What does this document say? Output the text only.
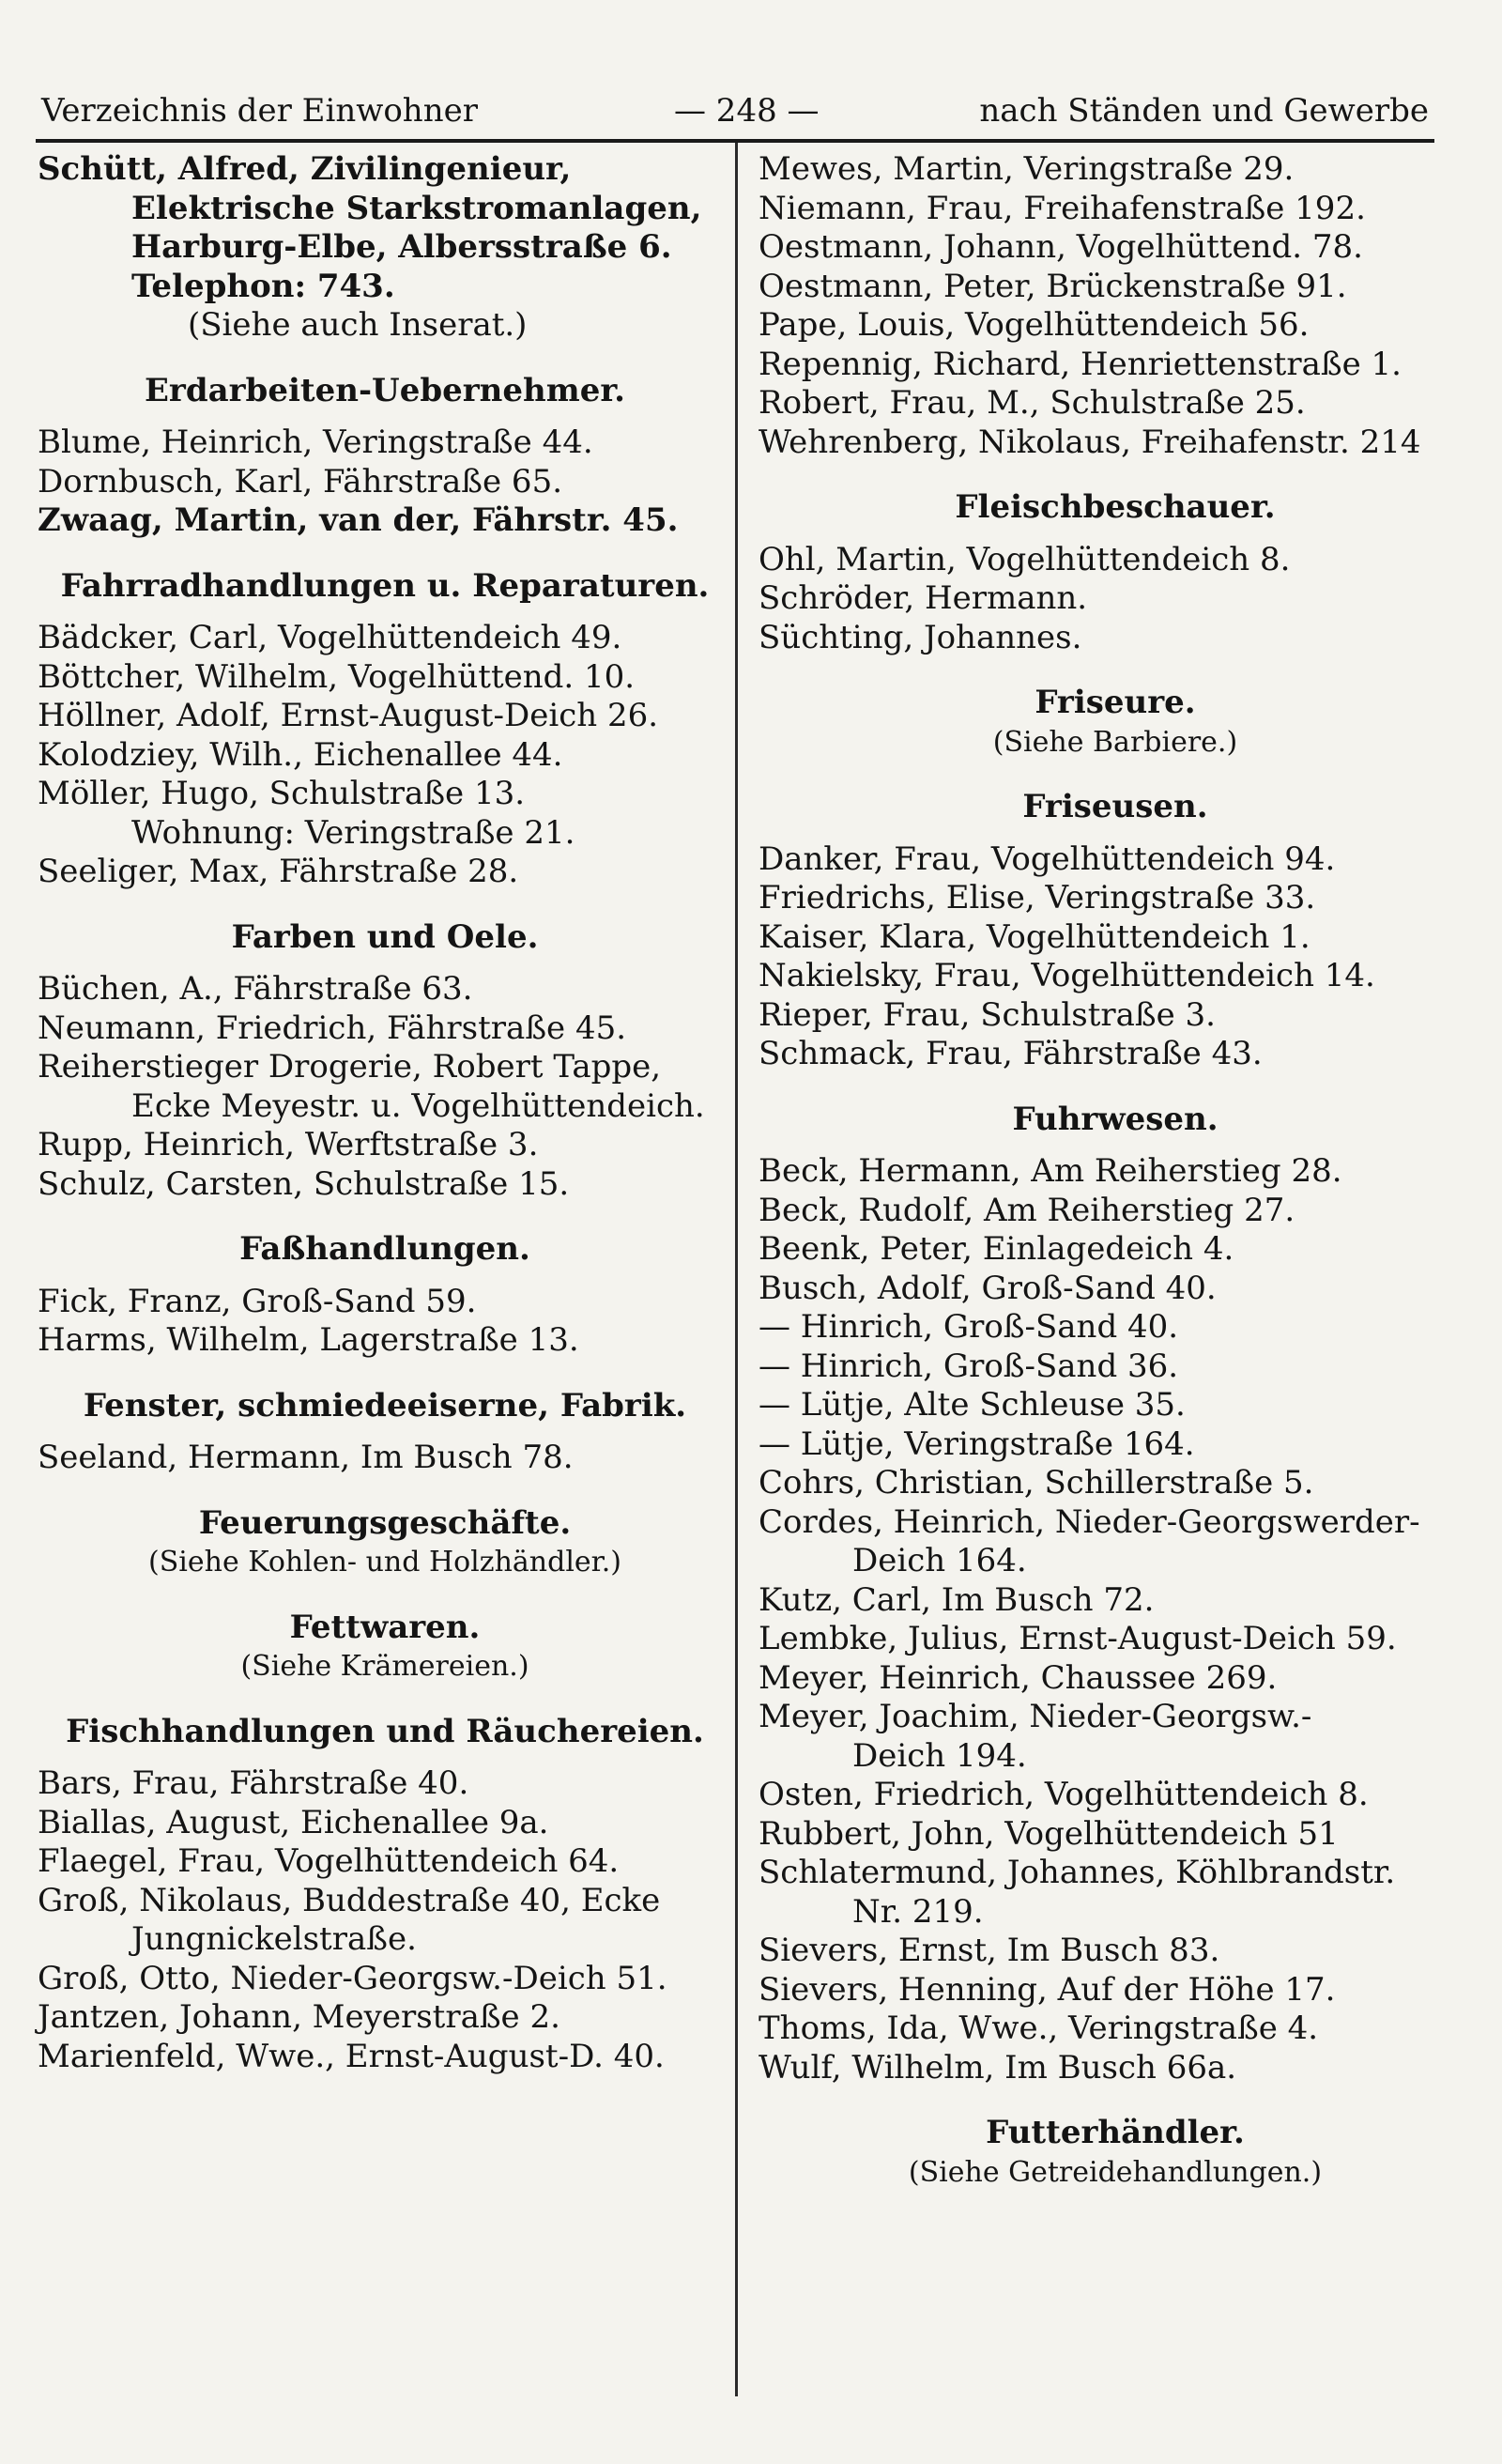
Verzeichnis der Einwohner	— 248 —	nach Ständen und Gewerbe
Schütt, Alfred, Zivilingenieur,
Elektrische Starkstromanlagen,
Harburg-Elbe, Albersstraße 6.
Telephon: 743.
(Siehe auch Inserat.)
Erdarbeiten-Uebernehmer.
Blume, Heinrich, Veringstraße 44.
Dornbusch, Karl, Fährstraße 65.
Zwaag, Martin, van der, Fährstr. 45.
Fahrradhandlungen u. Reparaturen.
Bädcker, Carl, Vogelhüttendeich 49.
Böttcher, Wilhelm, Vogelhüttend. 10.
Höllner, Adolf, Ernst-August-Deich 26.
Kolodziey, Wilh., Eichenallee 44.
Möller, Hugo, Schulstraße 13.
Wohnung: Veringstraße 21.
Seeliger, Max, Fährstraße 28.
Farben und Oele.
Büchen, A., Fährstraße 63.
Neumann, Friedrich, Fährstraße 45.
Reiherstieger Drogerie, Robert Tappe,
Ecke Meyestr. u. Vogelhüttendeich.
Rupp, Heinrich, Werftstraße 3.
Schulz, Carsten, Schulstraße 15.
Faßhandlungen.
Fick, Franz, Groß-Sand 59.
Harms, Wilhelm, Lagerstraße 13.
Fenster, schmiedeeiserne, Fabrik.
Seeland, Hermann, Im Busch 78.
Feuerungsgeschäfte.
(Siehe Kohlen- und Holzhändler.)
Fettwaren.
(Siehe Krämereien.)
Fischhandlungen und Räuchereien.
Bars, Frau, Fährstraße 40.
Biallas, August, Eichenallee 9a.
Flaegel, Frau, Vogelhüttendeich 64.
Groß, Nikolaus, Buddestraße 40, Ecke
Jungnickelstraße.
Groß, Otto, Nieder-Georgsw.-Deich 51.
Jantzen, Johann, Meyerstraße 2.
Marienfeld, Wwe., Ernst-August-D. 40.
Mewes, Martin, Veringstraße 29.
Niemann, Frau, Freihafenstraße 192.
Oestmann, Johann, Vogelhüttend. 78.
Oestmann, Peter, Brückenstraße 91.
Pape, Louis, Vogelhüttendeich 56.
Repennig, Richard, Henriettenstraße 1.
Robert, Frau, M., Schulstraße 25.
Wehrenberg, Nikolaus, Freihafenstr. 214
Fleischbeschauer.
Ohl, Martin, Vogelhüttendeich 8.
Schröder, Hermann.
Süchting, Johannes.
Friseure.
(Siehe Barbiere.)
Friseusen.
Danker, Frau, Vogelhüttendeich 94.
Friedrichs, Elise, Veringstraße 33.
Kaiser, Klara, Vogelhüttendeich 1.
Nakielsky, Frau, Vogelhüttendeich 14.
Rieper, Frau, Schulstraße 3.
Schmack, Frau, Fährstraße 43.
Fuhrwesen.
Beck, Hermann, Am Reiherstieg 28.
Beck, Rudolf, Am Reiherstieg 27.
Beenk, Peter, Einlagedeich 4.
Busch, Adolf, Groß-Sand 40.
— Hinrich, Groß-Sand 40.
— Hinrich, Groß-Sand 36.
— Lütje, Alte Schleuse 35.
— Lütje, Veringstraße 164.
Cohrs, Christian, Schillerstraße 5.
Cordes, Heinrich, Nieder-Georgswerder-
Deich 164.
Kutz, Carl, Im Busch 72.
Lembke, Julius, Ernst-August-Deich 59.
Meyer, Heinrich, Chaussee 269.
Meyer, Joachim, Nieder-Georgsw.-
Deich 194.
Osten, Friedrich, Vogelhüttendeich 8.
Rubbert, John, Vogelhüttendeich 51
Schlatermund, Johannes, Köhlbrandstr.
Nr. 219.
Sievers, Ernst, Im Busch 83.
Sievers, Henning, Auf der Höhe 17.
Thoms, Ida, Wwe., Veringstraße 4.
Wulf, Wilhelm, Im Busch 66a.
Futterhändler.
(Siehe Getreidehandlungen.)
